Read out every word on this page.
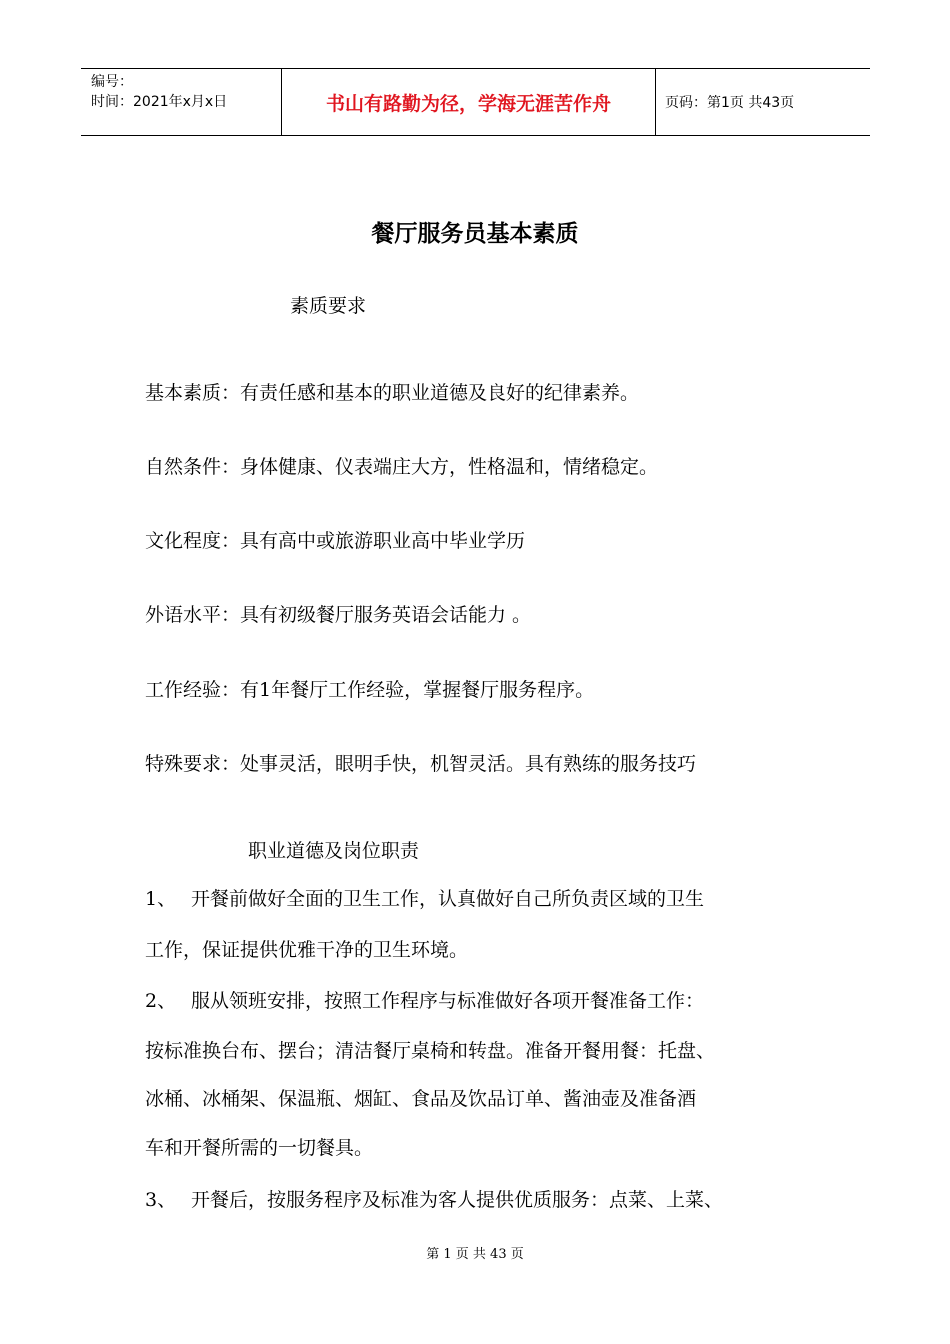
编号：
时间：2021年x月x日	书山有路勤为径，学海无涯苦作舟	页码：第1页 共43页
餐厅服务员基本素质
素质要求
基本素质：有责任感和基本的职业道德及良好的纪律素养。
自然条件：身体健康、仪表端庄大方，性格温和，情绪稳定。
文化程度：具有高中或旅游职业高中毕业学历
外语水平：具有初级餐厅服务英语会话能力 。
工作经验：有1年餐厅工作经验，掌握餐厅服务程序。
特殊要求：处事灵活，眼明手快，机智灵活。具有熟练的服务技巧
职业道德及岗位职责
1、 开餐前做好全面的卫生工作，认真做好自己所负责区域的卫生
工作，保证提供优雅干净的卫生环境。
2、 服从领班安排，按照工作程序与标准做好各项开餐准备工作：
按标准换台布、摆台；清洁餐厅桌椅和转盘。准备开餐用餐：托盘、
冰桶、冰桶架、保温瓶、烟缸、食品及饮品订单、酱油壶及准备酒
车和开餐所需的一切餐具。
3、 开餐后，按服务程序及标准为客人提供优质服务：点菜、上菜、
第 1 页 共 43 页
